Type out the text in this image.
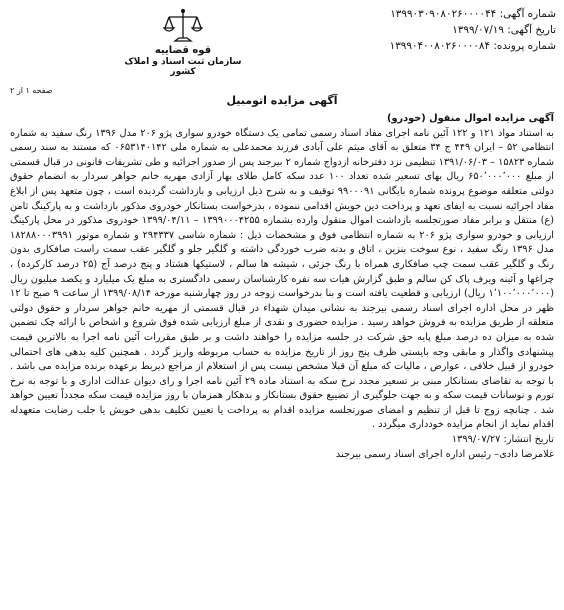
شماره آگهی: ۱۳۹۹۰۳۰۹۰۸۰۲۶۰۰۰۰۴۴
تاریخ آگهی: ۱۳۹۹/۰۷/۱۹
شماره پرونده: ۱۳۹۹۰۴۰۰۸۰۲۶۰۰۰۰۸۴
قوه قضاییه
سازمان ثبت اسناد و املاک کشور
صفحه ۱ از ۲
آگهی مزایده اتومبیل

آگهی مزایده اموال منقول (خودرو)

به استناد مواد ۱۲۱ و ۱۲۲ آئین نامه اجرای مفاد اسناد رسمی تمامی یک دستگاه خودرو سواری پژو ۲۰۶ مدل ۱۳۹۶ رنگ سفید به شماره انتظامی ۵۲ – ایران ۴۴۹ ج ۳۴ متعلق به آقای میثم علی آبادی فرزند محمدعلی به شماره ملی ۰۶۵۳۱۴۰۱۴۲ که مستند به سند رسمی شماره ۱۵۸۲۳ – ۱۳۹۱/۰۶/۰۳ تنظیمی نزد دفترخانه ازدواج شماره ۲ بیرجند پس از صدور اجرائیه و طی تشریفات قانونی در قبال قسمتی از مبلغ ۶۵۰٬۰۰۰٬۰۰۰ ریال بهای تسعیر شده تعداد ۱۰۰ عدد سکه کامل طلای بهار آزادی مهریه خانم جواهر سردار به انضمام حقوق دولتی متعلقه موضوع پرونده شماره بایگانی ۹۹۰۰۰۹۱ توقیف و به شرح ذیل ارزیابی و بازداشت گردیده است ، چون متعهد پس از ابلاغ مفاد اجرائیه نسبت به ایفای تعهد و پرداخت دین خویش اقدامی ننموده ، بدرخواست بستانکار خودروی مذکور بازداشت و به پارکینگ ثامن (ع) منتقل و برابر مفاد صورتجلسه بازداشت اموال منقول وارده بشماره ۱۳۹۹۰۰۰۴۲۵۵ – ۱۳۹۹/۰۴/۱۱ خودروی مذکور در محل پارکینگ ارزیابی و خودرو سواری پژو ۲۰۶ به شماره انتظامی فوق و مشخصات ذیل : شماره شاسی ۲۹۴۳۳۷ و شماره موتور ۱۸۲۸۸۰۰۰۳۹۹۱ مدل ۱۳۹۶ رنگ سفید ، نوع سوخت بنزین ، اتاق و بدنه ضرب خوردگی داشته و گلگیر جلو و گلگیر عقب سمت راست صافکاری بدون رنگ و گلگیر عقب سمت چپ صافکاری همراه با رنگ جزئی ، شیشه ها سالم ، لاستیکها هشتاد و پنج درصد آج (۲۵ درصد کارکرده) ، چراغها و آئینه ویرف پاک کن سالم و طبق گزارش هیات سه نفره کارشناسان رسمی دادگستری به مبلغ یک میلیارد و یکصد میلیون ریال (۱٬۱۰۰٬۰۰۰٬۰۰۰ ریال) ارزیابی و قطعیت یافته است و بنا بدرخواست زوجه در روز چهارشنبه مورخه ۱۳۹۹/۰۸/۱۴ از ساعت ۹ صبح تا ۱۲ ظهر در محل اداره اجرای اسناد رسمی بیرجند به نشانی میدان شهداء در قبال قسمتی از مهریه خانم جواهر سردار و حقوق دولتی متعلقه از طریق مزایده به فروش خواهد رسید . مزایده حضوری و نقدی از مبلغ ارزیابی شده فوق شروع و اشخاص با ارائه چک تضمین شده به میزان ده درصد مبلغ پایه حق شرکت در جلسه مزایده را خواهند داشت و بر طبق مقررات آئین نامه اجرا به بالاترین قیمت پیشنهادی واگذار و مابقی وجه بایستی ظرف پنج روز از تاریخ مزایده به حساب مربوطه واریز گردد . همچنین کلیه بدهی های احتمالی خودرو از قبیل خلافی ، عوارض ، مالیات که مبلغ آن قبلا مشخص نیست پس از استعلام از مراجع ذیربط برعهده برنده مزایده می باشد . با توجه به تقاضای بستانکار مبنی بر تسعیر مجدد نرخ سکه به استناد ماده ۲۹ آئین نامه اجرا و رای دیوان عدالت اداری و با توجه به نرخ تورم و نوسانات قیمت سکه و به جهت جلوگیری از تضییع حقوق بستانکار و بدهکار همزمان با روز مزایده قیمت سکه مجدداً تعیین خواهد شد . چنانچه زوج تا قبل از تنظیم و امضای صورتجلسه مزایده اقدام به پرداخت یا تعیین تکلیف بدهی خویش یا جلب رضایت متعهدله اقدام نماید از انجام مزایده خودداری میگردد .

تاریخ انتشار: ۱۳۹۹/۰۷/۲۷

غلامرضا دادی– رئیس اداره اجرای اسناد رسمی بیرجند
